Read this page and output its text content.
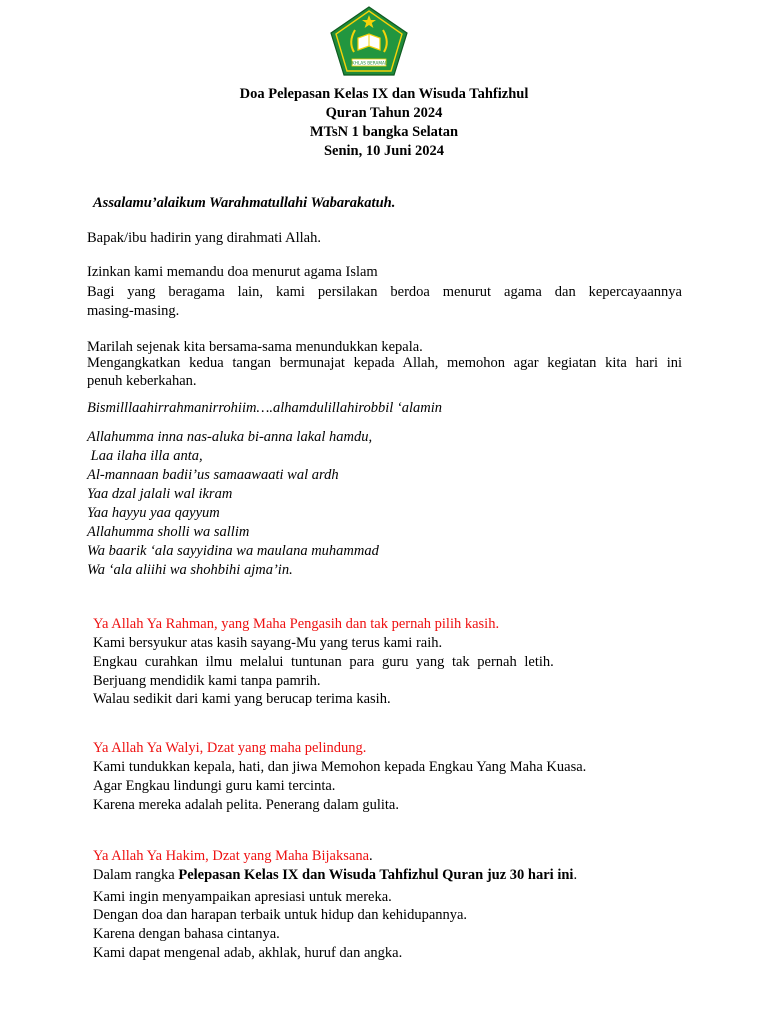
IKHLAS BERAMAL
Doa Pelepasan Kelas IX dan Wisuda Tahfizhul
Quran Tahun 2024
MTsN 1 bangka Selatan
Senin, 10 Juni 2024
Assalamu’alaikum Warahmatullahi Wabarakatuh.
Bapak/ibu hadirin yang dirahmati Allah.
Izinkan kami memandu doa menurut agama Islam
Bagi yang beragama lain, kami persilakan berdoa menurut agama dan kepercayaannya
masing-masing.
Marilah sejenak kita bersama-sama menundukkan kepala.
Mengangkatkan kedua tangan bermunajat kepada Allah, memohon agar kegiatan kita hari ini
penuh keberkahan.
Bismilllaahirrahmanirrohiim….alhamdulillahirobbil ‘alamin
Allahumma inna nas-aluka bi-anna lakal hamdu,
Laa ilaha illa anta,
Al-mannaan badii’us samaawaati wal ardh
Yaa dzal jalali wal ikram
Yaa hayyu yaa qayyum
Allahumma sholli wa sallim
Wa baarik ‘ala sayyidina wa maulana muhammad
Wa ‘ala aliihi wa shohbihi ajma’in.
Ya Allah Ya Rahman, yang Maha Pengasih dan tak pernah pilih kasih.
Kami bersyukur atas kasih sayang-Mu yang terus kami raih.
Engkau curahkan ilmu melalui tuntunan para guru yang tak pernah letih.
Berjuang mendidik kami tanpa pamrih.
Walau sedikit dari kami yang berucap terima kasih.
Ya Allah Ya Walyi, Dzat yang maha pelindung.
Kami tundukkan kepala, hati, dan jiwa Memohon kepada Engkau Yang Maha Kuasa.
Agar Engkau lindungi guru kami tercinta.
Karena mereka adalah pelita. Penerang dalam gulita.
Ya Allah Ya Hakim, Dzat yang Maha Bijaksana.
Dalam rangka Pelepasan Kelas IX dan Wisuda Tahfizhul Quran juz 30 hari ini.
Kami ingin menyampaikan apresiasi untuk mereka.
Dengan doa dan harapan terbaik untuk hidup dan kehidupannya.
Karena dengan bahasa cintanya.
Kami dapat mengenal adab, akhlak, huruf dan angka.
